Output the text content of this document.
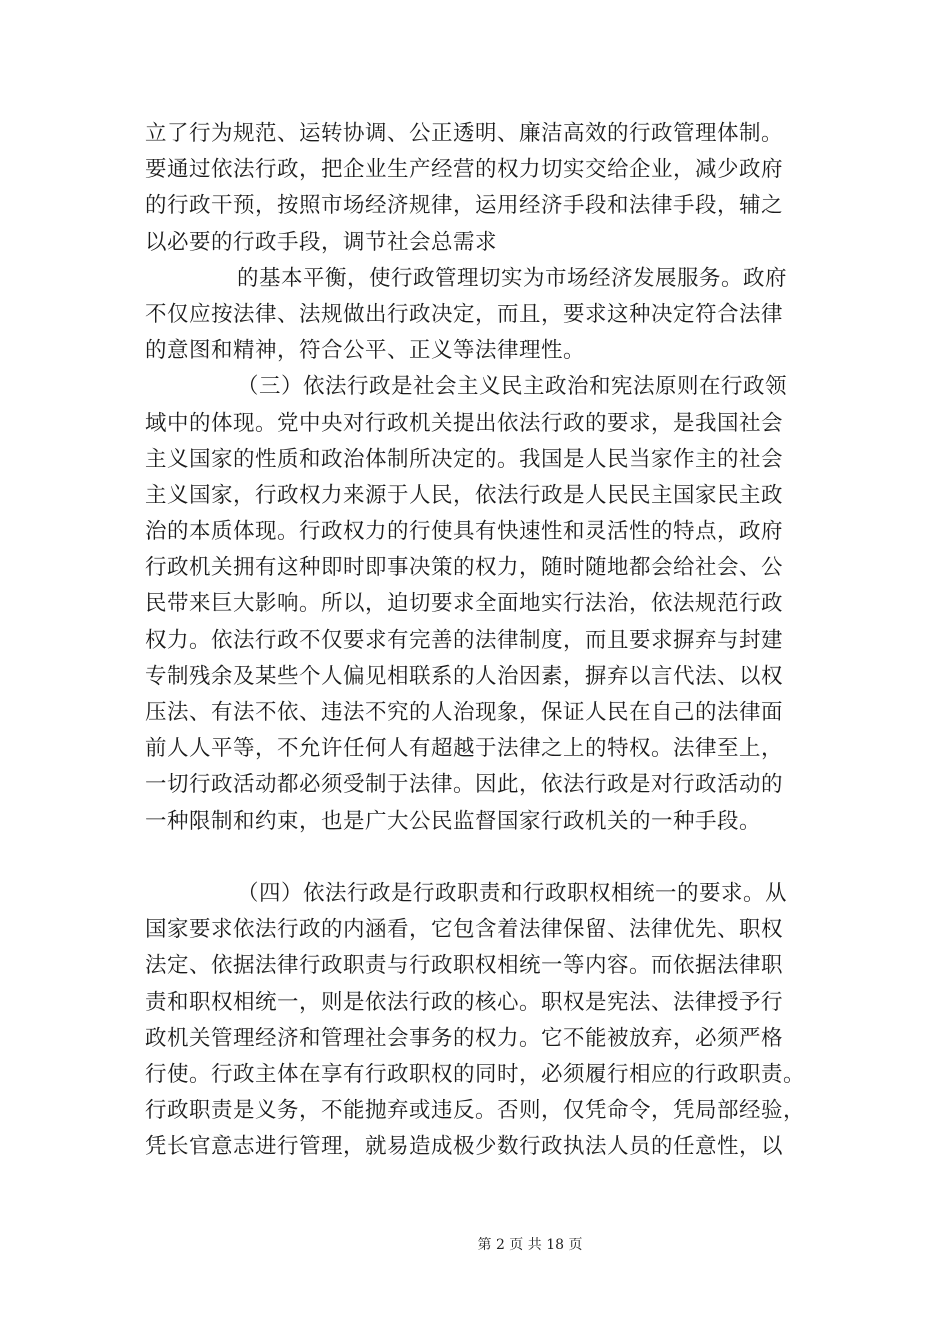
立了行为规范、运转协调、公正透明、廉洁高效的行政管理体制。
要通过依法行政，把企业生产经营的权力切实交给企业，减少政府
的行政干预，按照市场经济规律，运用经济手段和法律手段，辅之
以必要的行政手段，调节社会总需求
的基本平衡，使行政管理切实为市场经济发展服务。政府
不仅应按法律、法规做出行政决定，而且，要求这种决定符合法律
的意图和精神，符合公平、正义等法律理性。
（三）依法行政是社会主义民主政治和宪法原则在行政领
域中的体现。党中央对行政机关提出依法行政的要求，是我国社会
主义国家的性质和政治体制所决定的。我国是人民当家作主的社会
主义国家，行政权力来源于人民，依法行政是人民民主国家民主政
治的本质体现。行政权力的行使具有快速性和灵活性的特点，政府
行政机关拥有这种即时即事决策的权力，随时随地都会给社会、公
民带来巨大影响。所以，迫切要求全面地实行法治，依法规范行政
权力。依法行政不仅要求有完善的法律制度，而且要求摒弃与封建
专制残余及某些个人偏见相联系的人治因素，摒弃以言代法、以权
压法、有法不依、违法不究的人治现象，保证人民在自己的法律面
前人人平等，不允许任何人有超越于法律之上的特权。法律至上，
一切行政活动都必须受制于法律。因此，依法行政是对行政活动的
一种限制和约束，也是广大公民监督国家行政机关的一种手段。
（四）依法行政是行政职责和行政职权相统一的要求。从
国家要求依法行政的内涵看，它包含着法律保留、法律优先、职权
法定、依据法律行政职责与行政职权相统一等内容。而依据法律职
责和职权相统一，则是依法行政的核心。职权是宪法、法律授予行
政机关管理经济和管理社会事务的权力。它不能被放弃，必须严格
行使。行政主体在享有行政职权的同时，必须履行相应的行政职责。
行政职责是义务，不能抛弃或违反。否则，仅凭命令，凭局部经验，
凭长官意志进行管理，就易造成极少数行政执法人员的任意性，以
第 2 页 共 18 页
